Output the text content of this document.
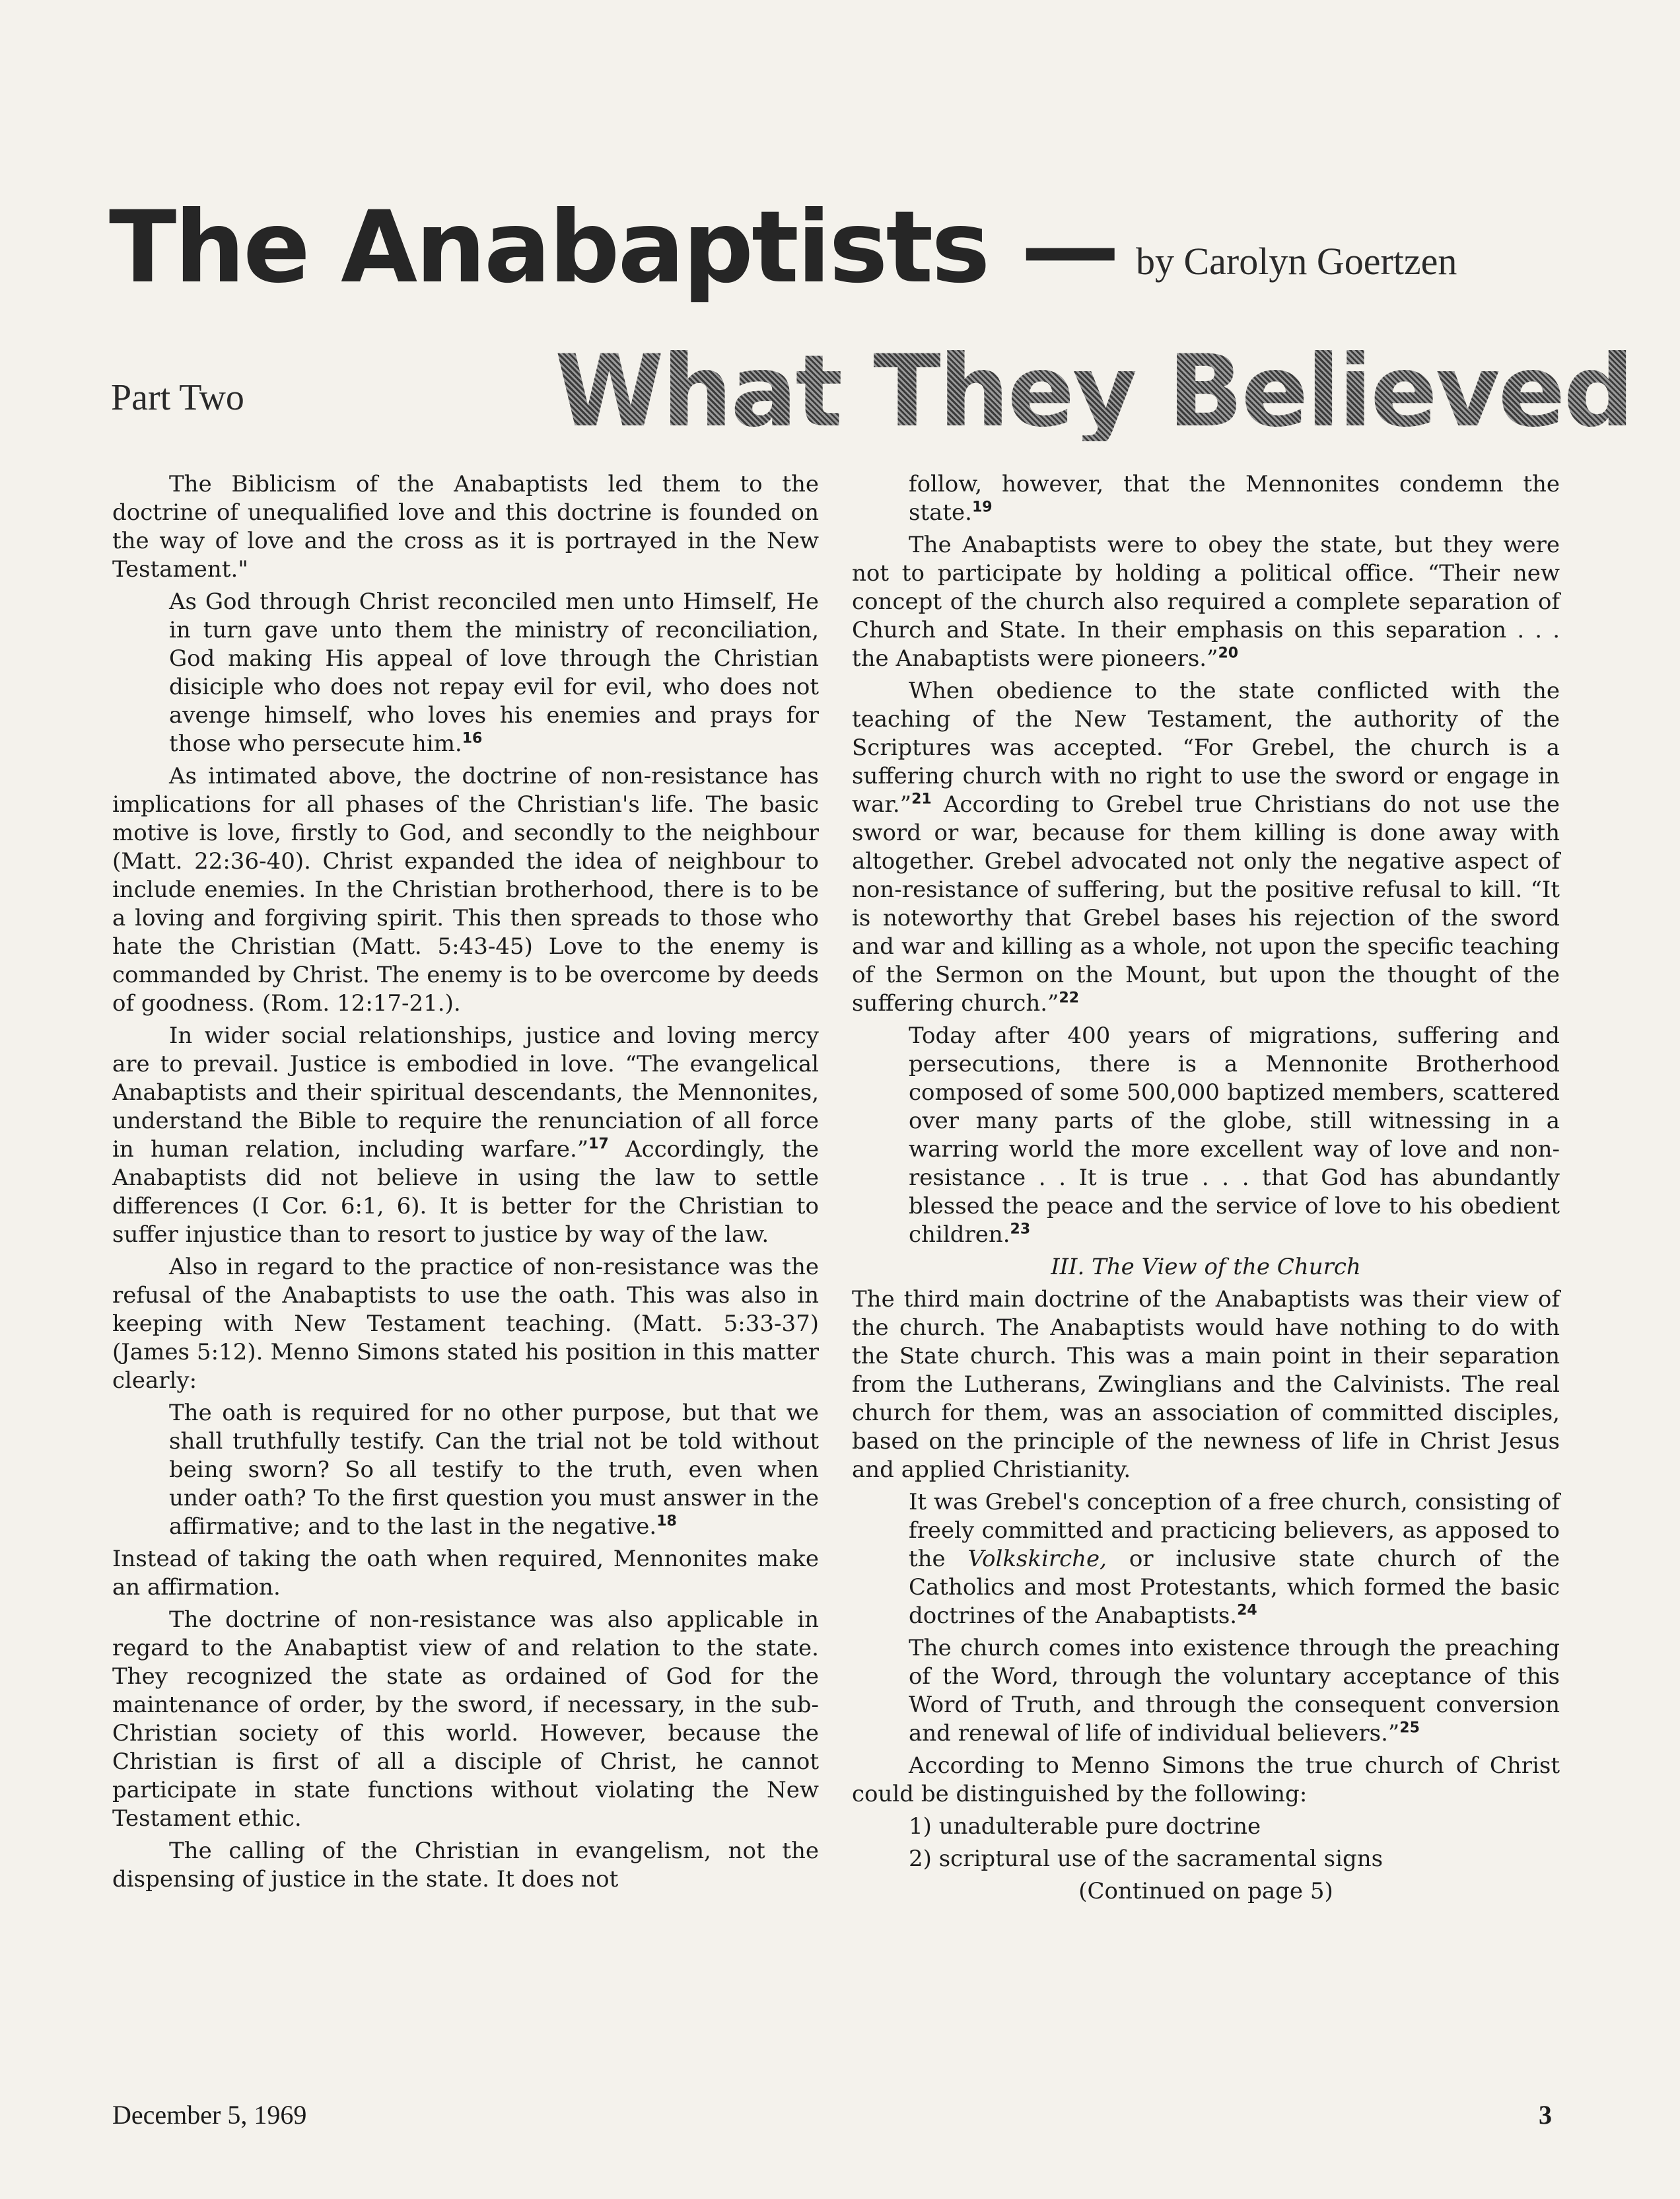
The Anabaptists — by Carolyn Goertzen
Part Two	What They Believed

The Biblicism of the Anabaptists led them to the doctrine of unequalified love and this doctrine is founded on the way of love and the cross as it is portrayed in the New Testament."

As God through Christ reconciled men unto Himself, He in turn gave unto them the ministry of reconciliation, God making His appeal of love through the Christian disiciple who does not repay evil for evil, who does not avenge himself, who loves his enemies and prays for those who persecute him.$^{16}$

As intimated above, the doctrine of non-resistance has implications for all phases of the Christian's life. The basic motive is love, firstly to God, and secondly to the neighbour (Matt. 22:36-40). Christ expanded the idea of neighbour to include enemies. In the Christian brotherhood, there is to be a loving and forgiving spirit. This then spreads to those who hate the Christian (Matt. 5:43-45) Love to the enemy is commanded by Christ. The enemy is to be overcome by deeds of goodness. (Rom. 12:17-21.).

In wider social relationships, justice and loving mercy are to prevail. Justice is embodied in love. “The evangelical Anabaptists and their spiritual descendants, the Mennonites, understand the Bible to require the renunciation of all force in human relation, including warfare.”$^{17}$ Accordingly, the Anabaptists did not believe in using the law to settle differences (I Cor. 6:1, 6). It is better for the Christian to suffer injustice than to resort to justice by way of the law.

Also in regard to the practice of non-resistance was the refusal of the Anabaptists to use the oath. This was also in keeping with New Testament teaching. (Matt. 5:33-37) (James 5:12). Menno Simons stated his position in this matter clearly:

The oath is required for no other purpose, but that we shall truthfully testify. Can the trial not be told without being sworn? So all testify to the truth, even when under oath? To the first question you must answer in the affirmative; and to the last in the negative.$^{18}$

Instead of taking the oath when required, Mennonites make an affirmation.

The doctrine of non-resistance was also applicable in regard to the Anabaptist view of and relation to the state. They recognized the state as ordained of God for the maintenance of order, by the sword, if necessary, in the sub-Christian society of this world. However, because the Christian is first of all a disciple of Christ, he cannot participate in state functions without violating the New Testament ethic.

The calling of the Christian in evangelism, not the dispensing of justice in the state. It does not

follow, however, that the Mennonites condemn the state.$^{19}$

The Anabaptists were to obey the state, but they were not to participate by holding a political office. “Their new concept of the church also required a complete separation of Church and State. In their emphasis on this separation . . . the Anabaptists were pioneers.”$^{20}$

When obedience to the state conflicted with the teaching of the New Testament, the authority of the Scriptures was accepted. “For Grebel, the church is a suffering church with no right to use the sword or engage in war.”$^{21}$ According to Grebel true Christians do not use the sword or war, because for them killing is done away with altogether. Grebel advocated not only the negative aspect of non-resistance of suffering, but the positive refusal to kill. “It is noteworthy that Grebel bases his rejection of the sword and war and killing as a whole, not upon the specific teaching of the Sermon on the Mount, but upon the thought of the suffering church.”$^{22}$

Today after 400 years of migrations, suffering and persecutions, there is a Mennonite Brotherhood composed of some 500,000 baptized members, scattered over many parts of the globe, still witnessing in a warring world the more excellent way of love and non-resistance . . It is true . . . that God has abundantly blessed the peace and the service of love to his obedient children.$^{23}$

III. The View of the Church

The third main doctrine of the Anabaptists was their view of the church. The Anabaptists would have nothing to do with the State church. This was a main point in their separation from the Lutherans, Zwinglians and the Calvinists. The real church for them, was an association of committed disciples, based on the principle of the newness of life in Christ Jesus and applied Christianity.

It was Grebel's conception of a free church, consisting of freely committed and practicing believers, as apposed to the Volkskirche, or inclusive state church of the Catholics and most Protestants, which formed the basic doctrines of the Anabaptists.$^{24}$

The church comes into existence through the preaching of the Word, through the voluntary acceptance of this Word of Truth, and through the consequent conversion and renewal of life of individual believers.”$^{25}$

According to Menno Simons the true church of Christ could be distinguished by the following:

1) unadulterable pure doctrine

2) scriptural use of the sacramental signs

(Continued on page 5)

December 5, 1969	3
